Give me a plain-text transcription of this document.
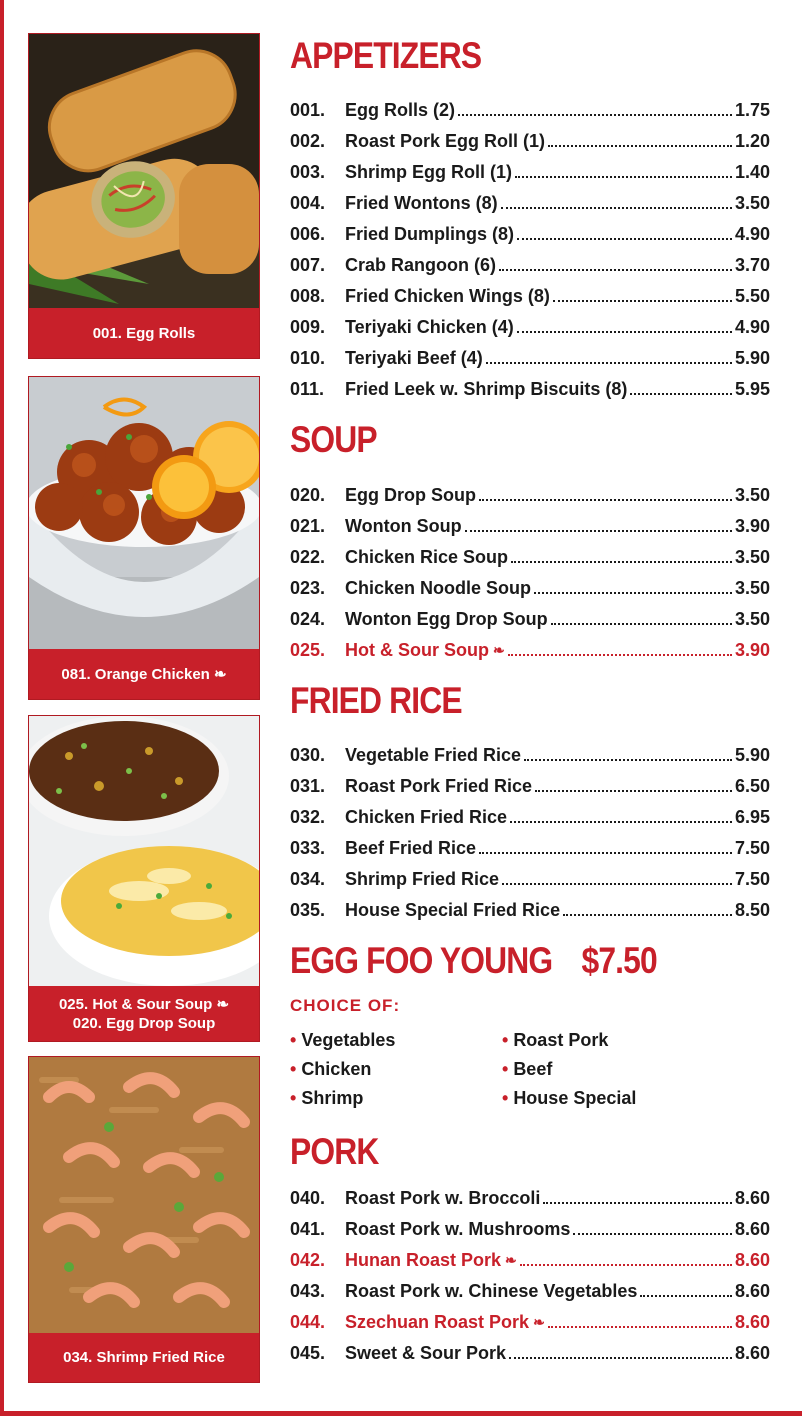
001. Egg Rolls
081. Orange Chicken ❧
025. Hot & Sour Soup ❧
020. Egg Drop Soup
034. Shrimp Fried Rice
APPETIZERS
001.	Egg Rolls (2)	1.75
002.	Roast Pork Egg Roll (1)	1.20
003.	Shrimp Egg Roll (1)	1.40
004.	Fried Wontons (8)	3.50
006.	Fried Dumplings (8)	4.90
007.	Crab Rangoon (6)	3.70
008.	Fried Chicken Wings (8)	5.50
009.	Teriyaki Chicken (4)	4.90
010.	Teriyaki Beef (4)	5.90
011.	Fried Leek w. Shrimp Biscuits (8)	5.95
SOUP
020.	Egg Drop Soup	3.50
021.	Wonton Soup	3.90
022.	Chicken Rice Soup	3.50
023.	Chicken Noodle Soup	3.50
024.	Wonton Egg Drop Soup	3.50
025.	Hot & Sour Soup ❧	3.90
FRIED RICE
030.	Vegetable Fried Rice	5.90
031.	Roast Pork Fried Rice	6.50
032.	Chicken Fried Rice	6.95
033.	Beef Fried Rice	7.50
034.	Shrimp Fried Rice	7.50
035.	House Special Fried Rice	8.50
EGG FOO YOUNG $7.50
CHOICE OF:
• Vegetables
• Chicken
• Shrimp
• Roast Pork
• Beef
• House Special
PORK
040.	Roast Pork w. Broccoli	8.60
041.	Roast Pork w. Mushrooms	8.60
042.	Hunan Roast Pork ❧	8.60
043.	Roast Pork w. Chinese Vegetables	8.60
044.	Szechuan Roast Pork ❧	8.60
045.	Sweet & Sour Pork	8.60
